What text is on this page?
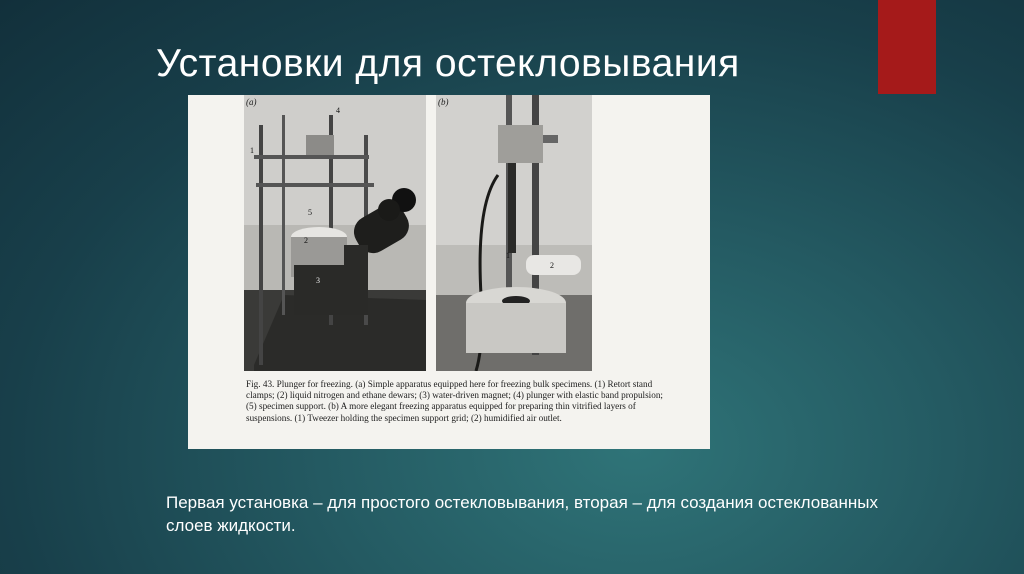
Установки для остекловывания
(a)
1
2
3
4
5
(b)
1
2
Fig. 43. Plunger for freezing. (a) Simple apparatus equipped here for freezing bulk specimens. (1) Retort stand clamps; (2) liquid nitrogen and ethane dewars; (3) water-driven magnet; (4) plunger with elastic band propulsion; (5) specimen support. (b) A more elegant freezing apparatus equipped for preparing thin vitrified layers of suspensions. (1) Tweezer holding the specimen support grid; (2) humidified air outlet.
Первая установка – для простого остекловывания, вторая – для создания остеклованных слоев жидкости.
